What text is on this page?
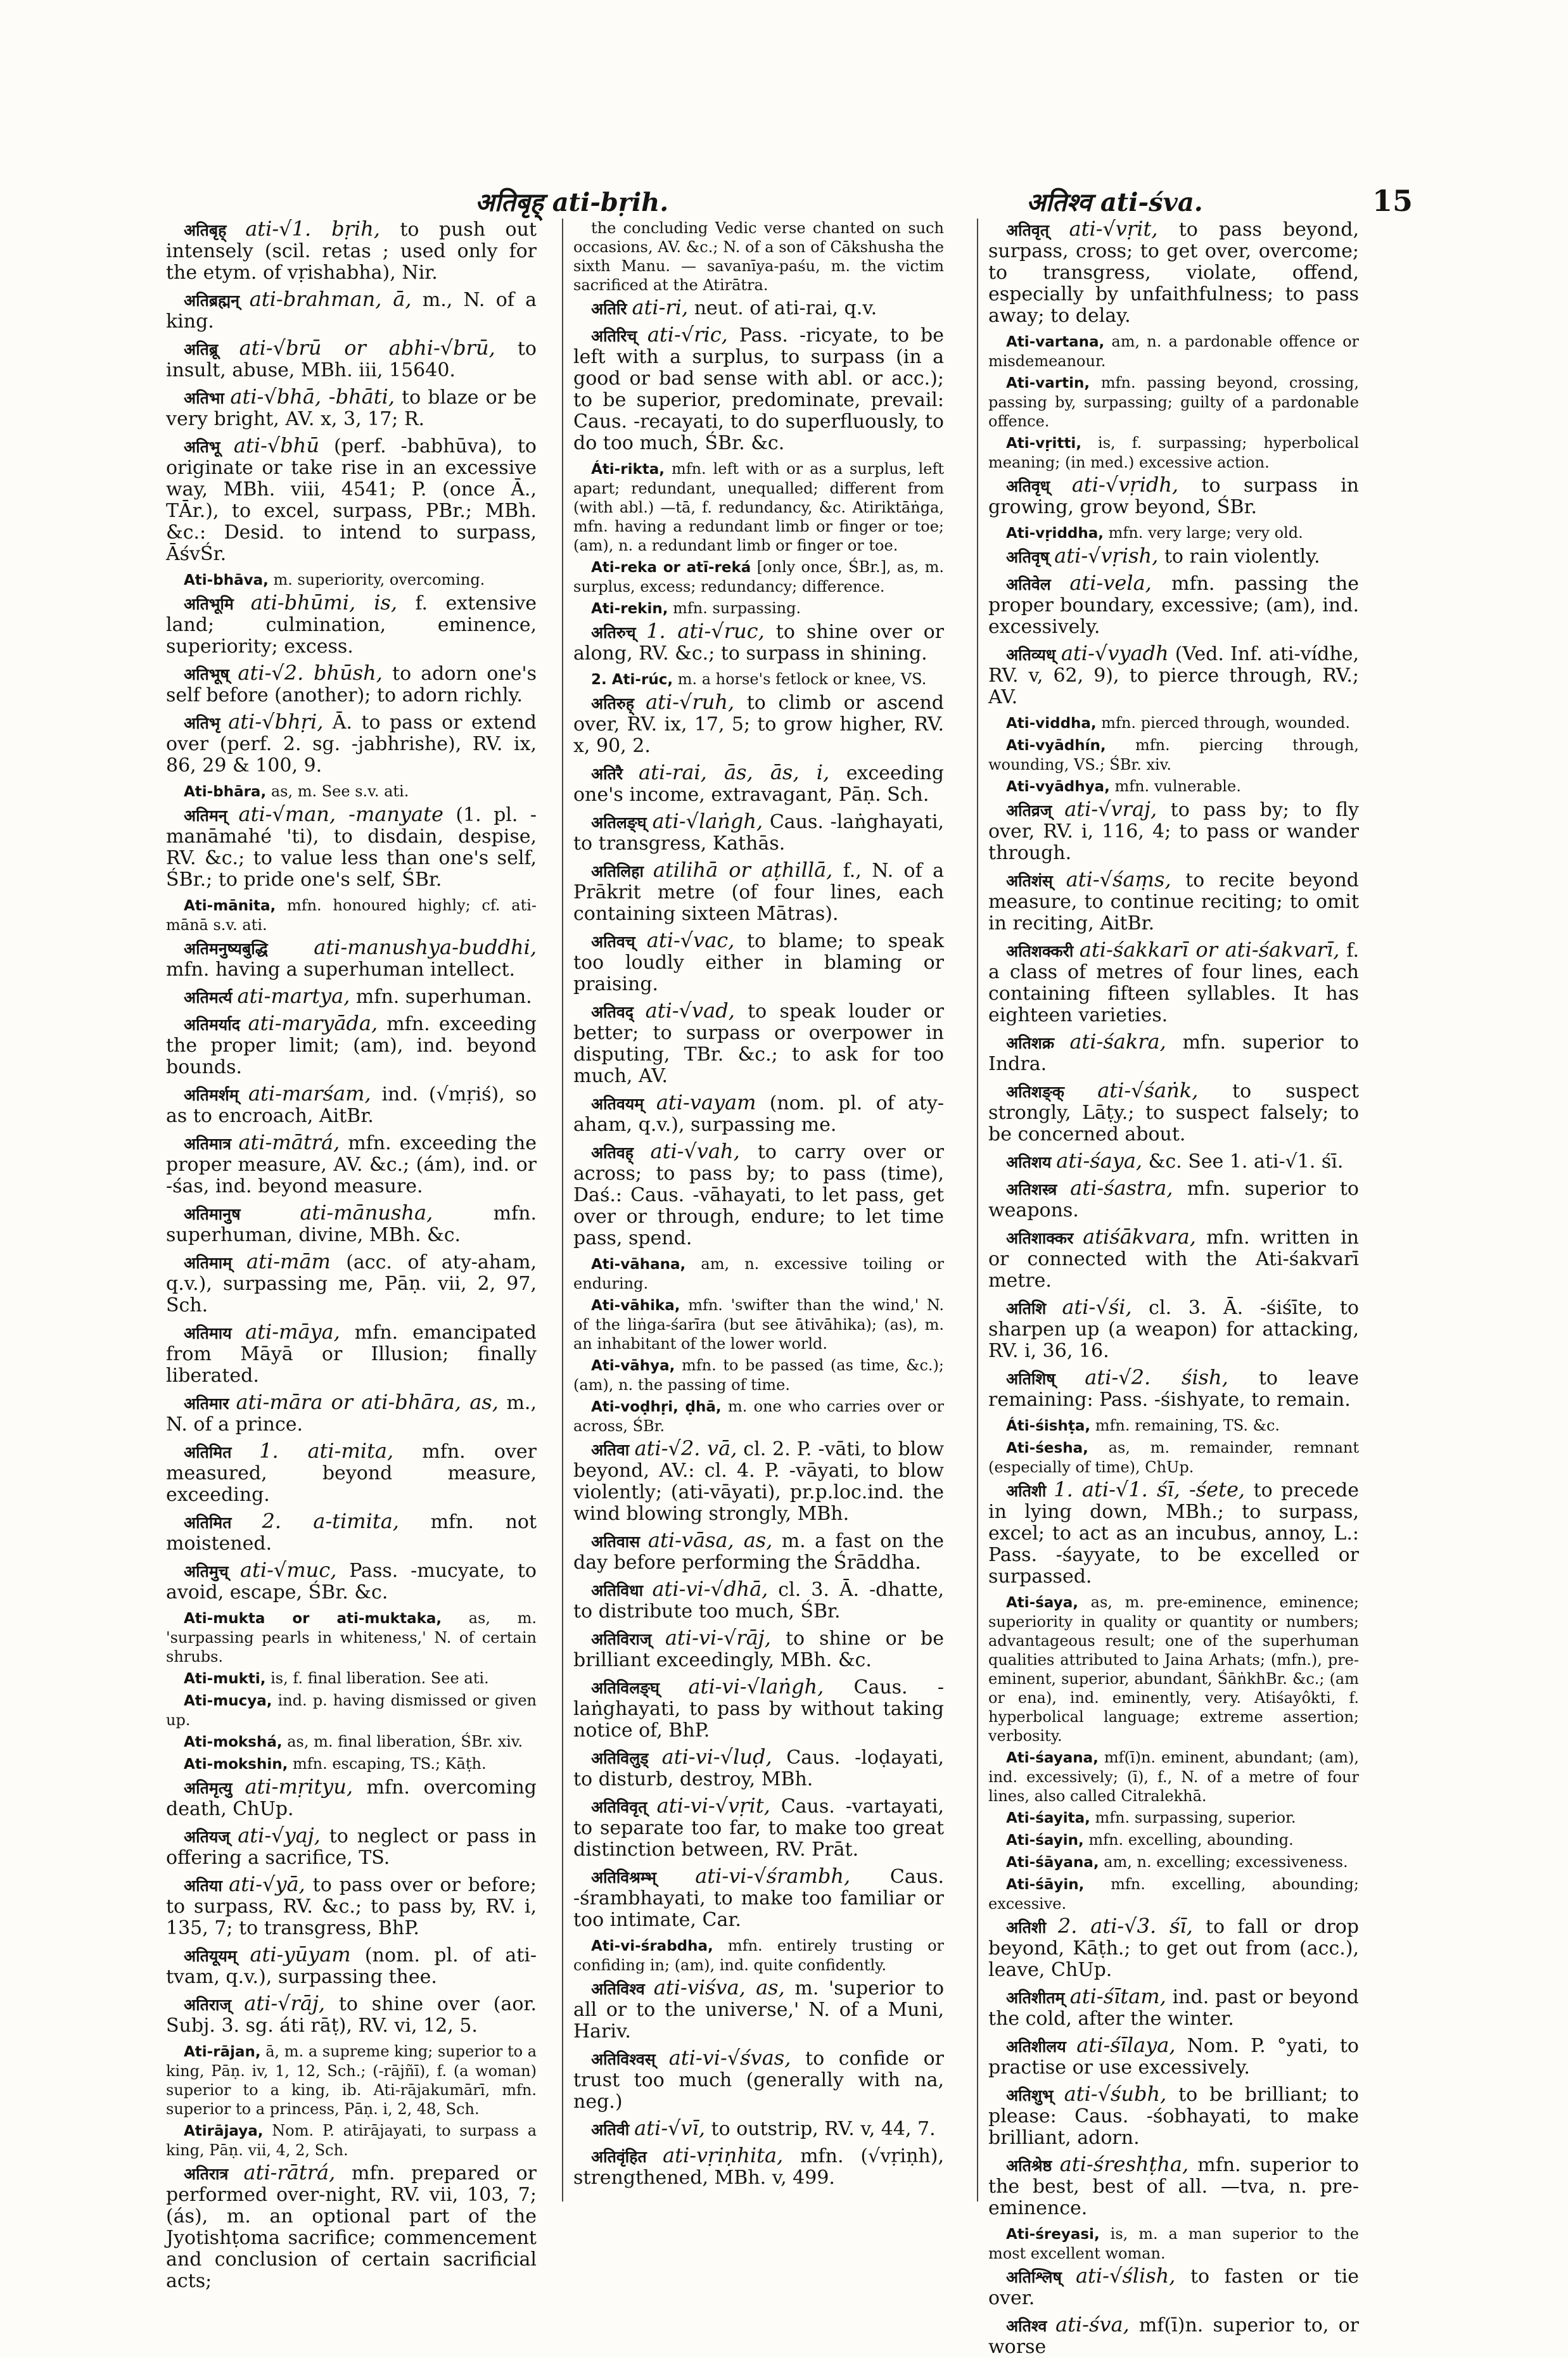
अतिबृह् ati-bṛih.	अतिश्व ati-śva.	15

अतिबृह् ati-√1. bṛih, to push out intensely (scil. retas ; used only for the etym. of vṛishabha), Nir.

अतिब्रह्मन् ati-brahman, ā, m., N. of a king.

अतिब्रू ati-√brū or abhi-√brū, to insult, abuse, MBh. iii, 15640.

अतिभा ati-√bhā, -bhāti, to blaze or be very bright, AV. x, 3, 17; R.

अतिभू ati-√bhū (perf. -babhūva), to originate or take rise in an excessive way, MBh. viii, 4541; P. (once Ā., TĀr.), to excel, surpass, PBr.; MBh. &c.: Desid. to intend to surpass, ĀśvŚr.

Ati-bhāva, m. superiority, overcoming.

अतिभूमि ati-bhūmi, is, f. extensive land; culmination, eminence, superiority; excess.

अतिभूष् ati-√2. bhūsh, to adorn one's self before (another); to adorn richly.

अतिभृ ati-√bhṛi, Ā. to pass or extend over (perf. 2. sg. -jabhrishe), RV. ix, 86, 29 & 100, 9.

Ati-bhāra, as, m. See s.v. ati.

अतिमन् ati-√man, -manyate (1. pl. -manāmahé 'ti), to disdain, despise, RV. &c.; to value less than one's self, ŚBr.; to pride one's self, ŚBr.

Ati-mānita, mfn. honoured highly; cf. ati-mānā s.v. ati.

अतिमनुष्यबुद्धि ati-manushya-buddhi, mfn. having a superhuman intellect.

अतिमर्त्य ati-martya, mfn. superhuman.

अतिमर्याद ati-maryāda, mfn. exceeding the proper limit; (am), ind. beyond bounds.

अतिमर्शम् ati-marśam, ind. (√mṛiś), so as to encroach, AitBr.

अतिमात्र ati-mātrá, mfn. exceeding the proper measure, AV. &c.; (ám), ind. or -śas, ind. beyond measure.

अतिमानुष	ati-mānusha, mfn. superhuman, divine, MBh. &c.

अतिमाम् ati-mām (acc. of aty-aham, q.v.), surpassing me, Pāṇ. vii, 2, 97, Sch.

अतिमाय ati-māya, mfn. emancipated from Māyā or Illusion; finally liberated.

अतिमार ati-māra or ati-bhāra, as, m., N. of a prince.

अतिमित 1. ati-mita, mfn. over measured, beyond measure, exceeding.

अतिमित 2. a-timita, mfn. not moistened.

अतिमुच् ati-√muc, Pass. -mucyate, to avoid, escape, ŚBr. &c.

Ati-mukta or ati-muktaka, as, m. 'surpassing pearls in whiteness,' N. of certain shrubs.

Ati-mukti, is, f. final liberation. See ati.

Ati-mucya, ind. p. having dismissed or given up.

Ati-mokshá, as, m. final liberation, ŚBr. xiv.

Ati-mokshin, mfn. escaping, TS.; Kāṭh.

अतिमृत्यु ati-mṛityu, mfn. overcoming death, ChUp.

अतियज् ati-√yaj, to neglect or pass in offering a sacrifice, TS.

अतिया ati-√yā, to pass over or before; to surpass, RV. &c.; to pass by, RV. i, 135, 7; to transgress, BhP.

अतियूयम् ati-yūyam (nom. pl. of ati-tvam, q.v.), surpassing thee.

अतिराज् ati-√rāj, to shine over (aor. Subj. 3. sg. áti rāṭ), RV. vi, 12, 5.

Ati-rājan, ā, m. a supreme king; superior to a king, Pāṇ. iv, 1, 12, Sch.; (-rājñī), f. (a woman) superior to a king, ib. Ati-rājakumārī, mfn. superior to a princess, Pāṇ. i, 2, 48, Sch.

Atirājaya, Nom. P. atirājayati, to surpass a king, Pāṇ. vii, 4, 2, Sch.

अतिरात्र ati-rātrá, mfn. prepared or performed over-night, RV. vii, 103, 7; (ás), m. an optional part of the Jyotishṭoma sacrifice; commencement and conclusion of certain sacrificial acts;

the concluding Vedic verse chanted on such occasions, AV. &c.; N. of a son of Cākshusha the sixth Manu. — savanīya-paśu, m. the victim sacrificed at the Atirātra.

अतिरि ati-ri, neut. of ati-rai, q.v.

अतिरिच् ati-√ric, Pass. -ricyate, to be left with a surplus, to surpass (in a good or bad sense with abl. or acc.); to be superior, predominate, prevail: Caus. -recayati, to do superfluously, to do too much, ŚBr. &c.

Áti-rikta, mfn. left with or as a surplus, left apart; redundant, unequalled; different from (with abl.) —tā, f. redundancy, &c. Atiriktāṅga, mfn. having a redundant limb or finger or toe; (am), n. a redundant limb or finger or toe.

Ati-reka or atī-reká [only once, ŚBr.], as, m. surplus, excess; redundancy; difference.

Ati-rekin, mfn. surpassing.

अतिरुच् 1. ati-√ruc, to shine over or along, RV. &c.; to surpass in shining.

2. Ati-rúc, m. a horse's fetlock or knee, VS.

अतिरुह् ati-√ruh, to climb or ascend over, RV. ix, 17, 5; to grow higher, RV. x, 90, 2.

अतिरै ati-rai, ās, ās, i, exceeding one's income, extravagant, Pāṇ. Sch.

अतिलङ्घ् ati-√laṅgh, Caus. -laṅghayati, to transgress, Kathās.

अतिलिहा atilihā or aṭhillā, f., N. of a Prākrit metre (of four lines, each containing sixteen Mātras).

अतिवच् ati-√vac, to blame; to speak too loudly either in blaming or praising.

अतिवद् ati-√vad, to speak louder or better; to surpass or overpower in disputing, TBr. &c.; to ask for too much, AV.

अतिवयम् ati-vayam (nom. pl. of aty-aham, q.v.), surpassing me.

अतिवह् ati-√vah, to carry over or across; to pass by; to pass (time), Daś.: Caus. -vāhayati, to let pass, get over or through, endure; to let time pass, spend.

Ati-vāhana, am, n. excessive toiling or enduring.

Ati-vāhika, mfn. 'swifter than the wind,' N. of the liṅga-śarīra (but see ātivāhika); (as), m. an inhabitant of the lower world.

Ati-vāhya, mfn. to be passed (as time, &c.); (am), n. the passing of time.

Ati-voḍhṛi, ḍhā, m. one who carries over or across, ŚBr.

अतिवा ati-√2. vā, cl. 2. P. -vāti, to blow beyond, AV.: cl. 4. P. -vāyati, to blow violently; (ati-vāyati), pr.p.loc.ind. the wind blowing strongly, MBh.

अतिवास ati-vāsa, as, m. a fast on the day before performing the Śrāddha.

अतिविधा ati-vi-√dhā, cl. 3. Ā. -dhatte, to distribute too much, ŚBr.

अतिविराज् ati-vi-√rāj, to shine or be brilliant exceedingly, MBh. &c.

अतिविलङ्घ् ati-vi-√laṅgh, Caus. -laṅghayati, to pass by without taking notice of, BhP.

अतिविलुड् ati-vi-√luḍ, Caus. -loḍayati, to disturb, destroy, MBh.

अतिविवृत् ati-vi-√vṛit, Caus. -vartayati, to separate too far, to make too great distinction between, RV. Prāt.

अतिविश्रम्भ् ati-vi-√śrambh, Caus. -śrambhayati, to make too familiar or too intimate, Car.

Ati-vi-śrabdha, mfn. entirely trusting or confiding in; (am), ind. quite confidently.

अतिविश्व ati-viśva, as, m. 'superior to all or to the universe,' N. of a Muni, Hariv.

अतिविश्वस् ati-vi-√śvas, to confide or trust too much (generally with na, neg.)

अतिवी ati-√vī, to outstrip, RV. v, 44, 7.

अतिवृंहित ati-vṛiṇhita, mfn. (√vṛiṇh), strengthened, MBh. v, 499.

अतिवृत् ati-√vṛit, to pass beyond, surpass, cross; to get over, overcome; to transgress, violate, offend, especially by unfaithfulness; to pass away; to delay.

Ati-vartana, am, n. a pardonable offence or misdemeanour.

Ati-vartin, mfn. passing beyond, crossing, passing by, surpassing; guilty of a pardonable offence.

Ati-vṛitti, is, f. surpassing; hyperbolical meaning; (in med.) excessive action.

अतिवृध् ati-√vṛidh, to surpass in growing, grow beyond, ŚBr.

Ati-vṛiddha, mfn. very large; very old.

अतिवृष् ati-√vṛish, to rain violently.

अतिवेल ati-vela, mfn. passing the proper boundary, excessive; (am), ind. excessively.

अतिव्यध् ati-√vyadh (Ved. Inf. ati-vídhe, RV. v, 62, 9), to pierce through, RV.; AV.

Ati-viddha, mfn. pierced through, wounded.

Ati-vyādhín, mfn. piercing through, wounding, VS.; ŚBr. xiv.

Ati-vyādhya, mfn. vulnerable.

अतिव्रज् ati-√vraj, to pass by; to fly over, RV. i, 116, 4; to pass or wander through.

अतिशंस् ati-√śaṃs, to recite beyond measure, to continue reciting; to omit in reciting, AitBr.

अतिशक्करी ati-śakkarī or ati-śakvarī, f. a class of metres of four lines, each containing fifteen syllables. It has eighteen varieties.

अतिशक्र ati-śakra, mfn. superior to Indra.

अतिशङ्क् ati-√śaṅk, to suspect strongly, Lāṭy.; to suspect falsely; to be concerned about.

अतिशय ati-śaya, &c. See 1. ati-√1. śī.

अतिशस्त्र ati-śastra, mfn. superior to weapons.

अतिशाक्कर atiśākvara, mfn. written in or connected with the Ati-śakvarī metre.

अतिशि ati-√śi, cl. 3. Ā. -śiśīte, to sharpen up (a weapon) for attacking, RV. i, 36, 16.

अतिशिष् ati-√2. śish, to leave remaining: Pass. -śishyate, to remain.

Áti-śishṭa, mfn. remaining, TS. &c.

Ati-śesha, as, m. remainder, remnant (especially of time), ChUp.

अतिशी 1. ati-√1. śī, -śete, to precede in lying down, MBh.; to surpass, excel; to act as an incubus, annoy, L.: Pass. -śayyate, to be excelled or surpassed.

Ati-śaya, as, m. pre-eminence, eminence; superiority in quality or quantity or numbers; advantageous result; one of the superhuman qualities attributed to Jaina Arhats; (mfn.), pre-eminent, superior, abundant, ŚāṅkhBr. &c.; (am or ena), ind. eminently, very. Atiśayôkti, f. hyperbolical language; extreme assertion; verbosity.

Ati-śayana, mf(ī)n. eminent, abundant; (am), ind. excessively; (ī), f., N. of a metre of four lines, also called Citralekhā.

Ati-śayita, mfn. surpassing, superior.

Ati-śayin, mfn. excelling, abounding.

Ati-śāyana, am, n. excelling; excessiveness.

Ati-śāyin, mfn. excelling, abounding; excessive.

अतिशी 2. ati-√3. śī, to fall or drop beyond, Kāṭh.; to get out from (acc.), leave, ChUp.

अतिशीतम् ati-śītam, ind. past or beyond the cold, after the winter.

अतिशीलय ati-śīlaya, Nom. P. °yati, to practise or use excessively.

अतिशुभ् ati-√śubh, to be brilliant; to please: Caus. -śobhayati, to make brilliant, adorn.

अतिश्रेष्ठ ati-śreshṭha, mfn. superior to the best, best of all. —tva, n. pre-eminence.

Ati-śreyasi, is, m. a man superior to the most excellent woman.

अतिश्लिष् ati-√ślish, to fasten or tie over.

अतिश्व ati-śva, mf(ī)n. superior to, or worse
